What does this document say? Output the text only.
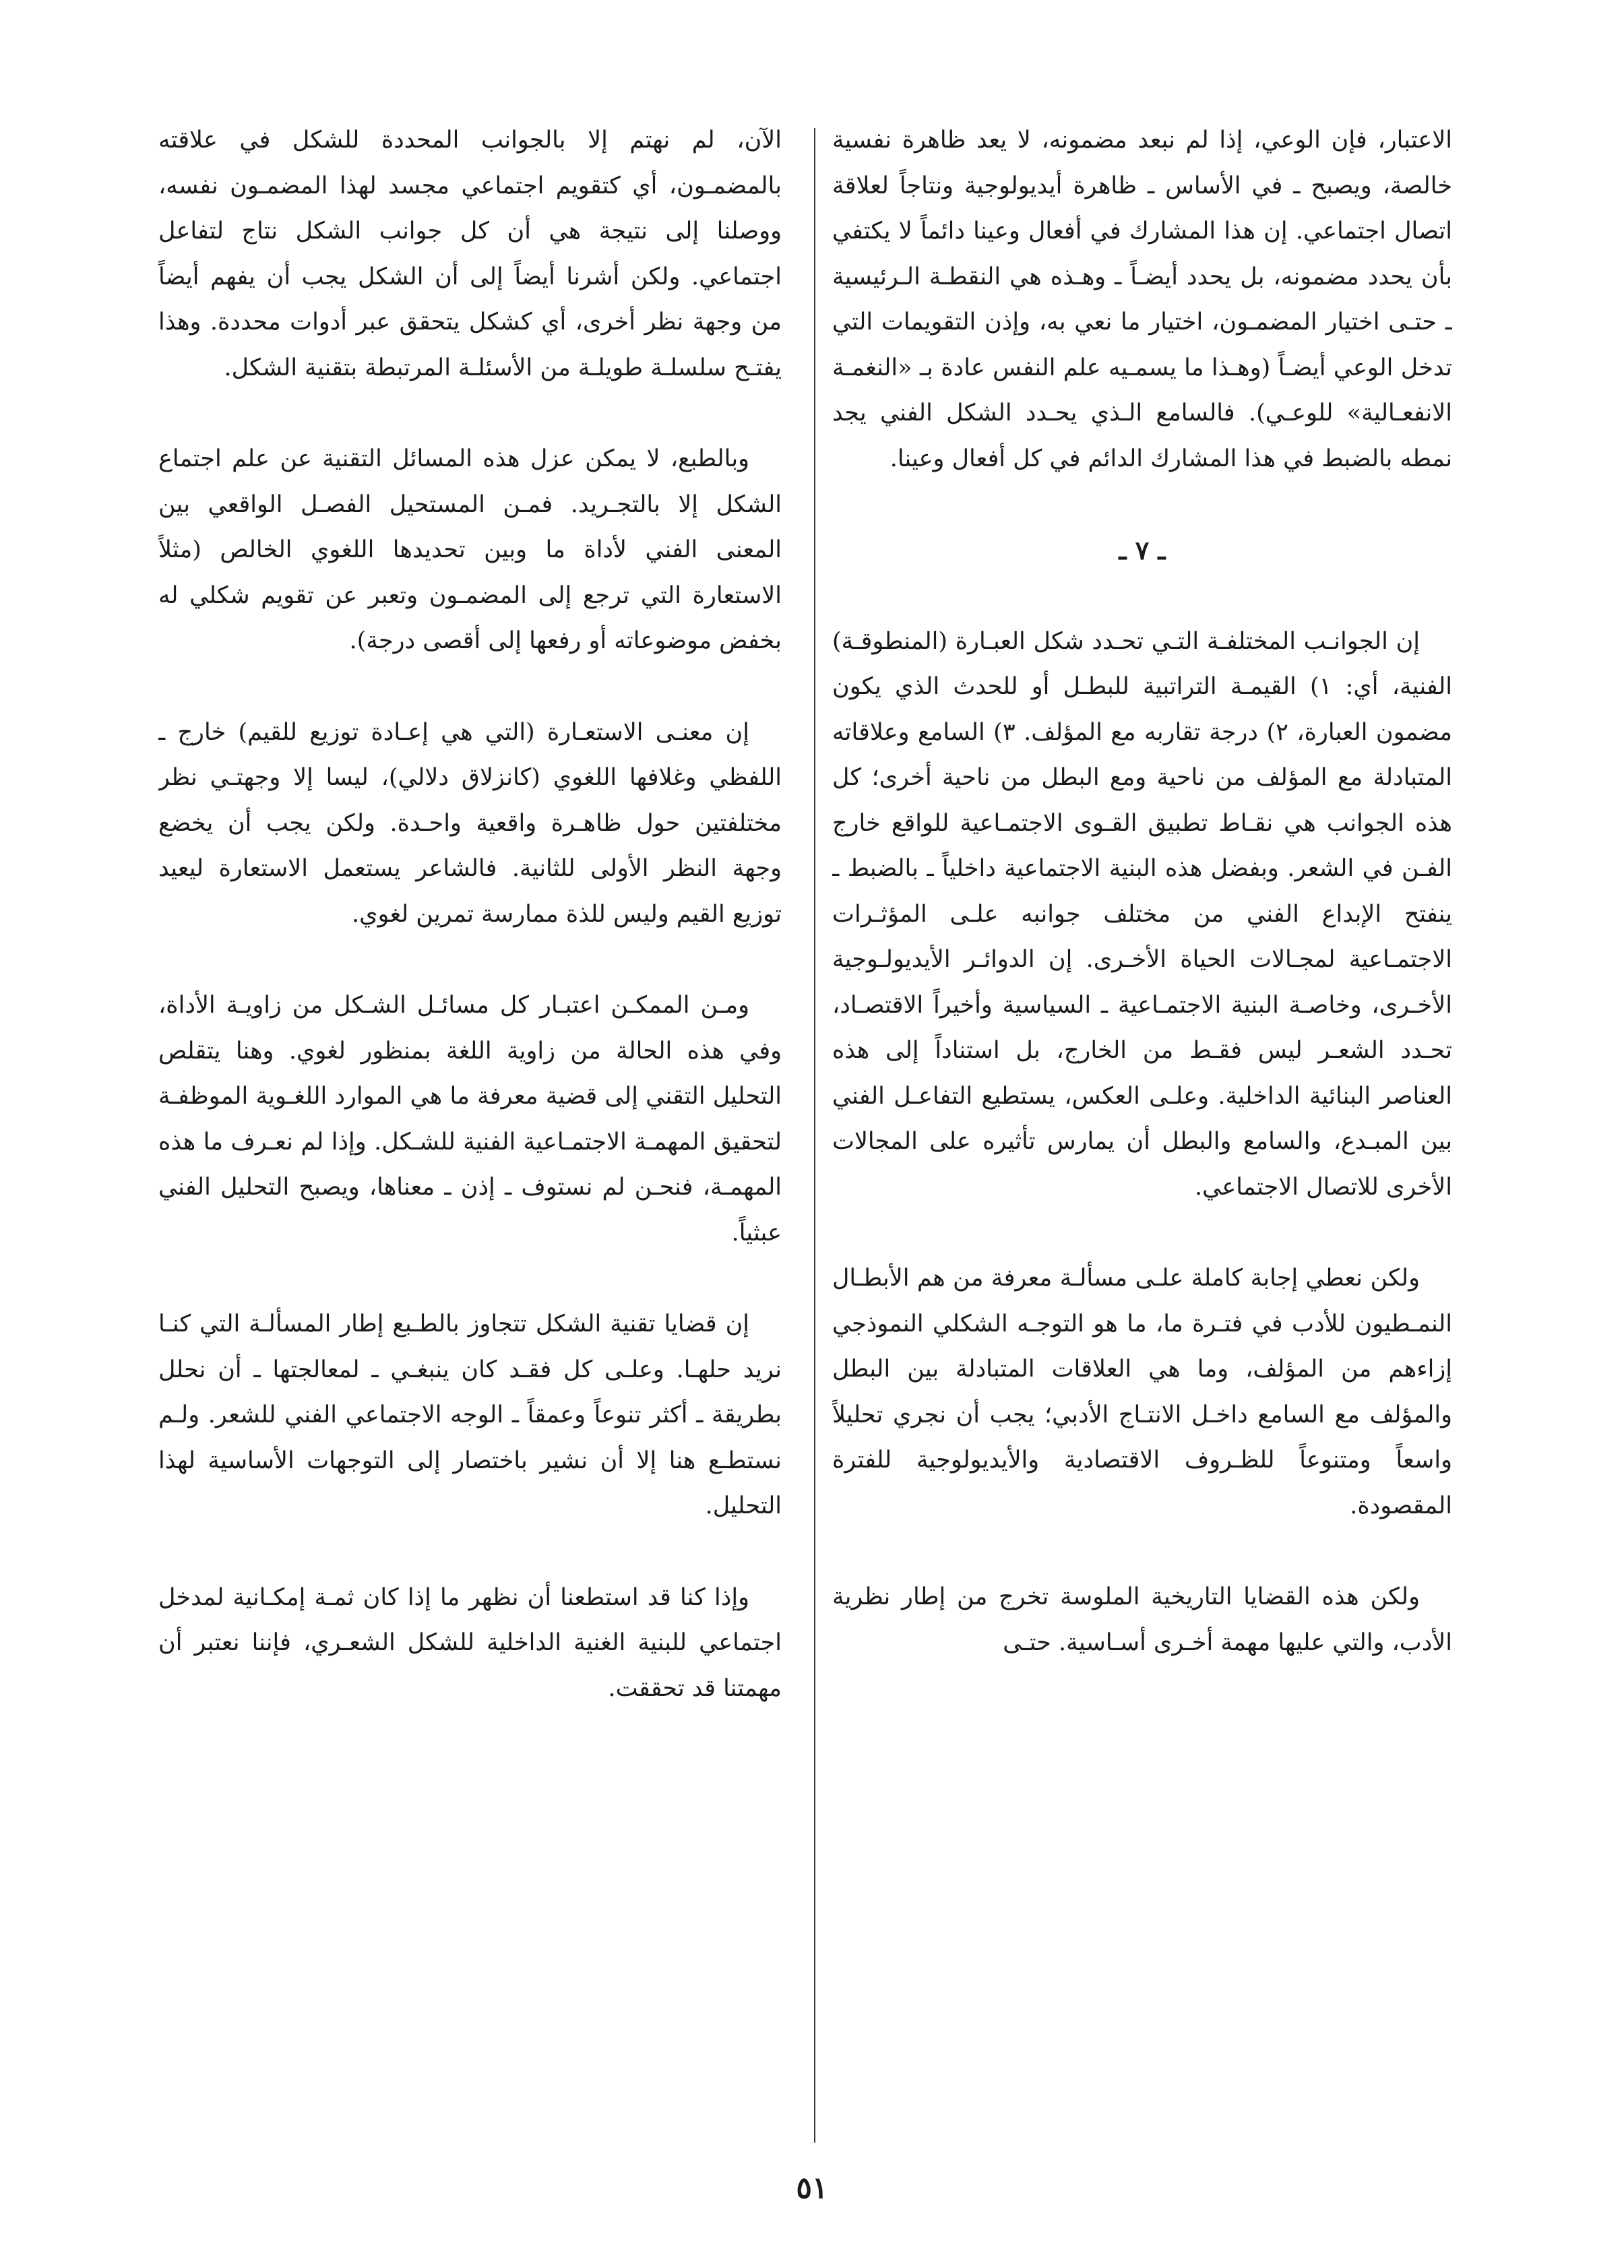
الاعتبار، فإن الوعي، إذا لم نبعد مضمونه، لا يعد ظاهرة نفسية خالصة، ويصبح ـ في الأساس ـ ظاهرة أيديولوجية ونتاجاً لعلاقة اتصال اجتماعي. إن هذا المشارك في أفعال وعينا دائماً لا يكتفي بأن يحدد مضمونه، بل يحدد أيضـاً ـ وهـذه هي النقطـة الـرئيسية ـ حتـى اختيار المضمـون، اختيار ما نعي به، وإذن التقويمات التي تدخل الوعي أيضـاً (وهـذا ما يسمـيه علم النفس عادة بـ «النغمـة الانفعـالية» للوعـي). فالسامع الـذي يحـدد الشكل الفني يجد نمطه بالضبط في هذا المشارك الدائم في كل أفعال وعينا.

ـ ٧ ـ

إن الجوانـب المختلفـة التـي تحـدد شكل العبـارة (المنطوقـة) الفنية، أي: ١) القيمـة التراتبية للبطـل أو للحدث الذي يكون مضمون العبارة، ٢) درجة تقاربه مع المؤلف. ٣) السامع وعلاقاته المتبادلة مع المؤلف من ناحية ومع البطل من ناحية أخرى؛ كل هذه الجوانب هي نقـاط تطبيق القـوى الاجتمـاعية للواقع خارج الفـن في الشعر. وبفضل هذه البنية الاجتماعية داخلياً ـ بالضبط ـ ينفتح الإبداع الفني من مختلف جوانبه علـى المؤثـرات الاجتمـاعية لمجـالات الحياة الأخـرى. إن الدوائـر الأيديولـوجية الأخـرى، وخاصـة البنية الاجتمـاعية ـ السياسية وأخيراً الاقتصـاد، تحـدد الشعـر ليس فقـط من الخارج، بل استناداً إلى هذه العناصر البنائية الداخلية. وعلـى العكس، يستطيع التفاعـل الفني بين المبـدع، والسامع والبطل أن يمارس تأثيره على المجالات الأخرى للاتصال الاجتماعي.

ولكن نعطي إجابة كاملة علـى مسألـة معرفة من هم الأبطـال النمـطيون للأدب في فتـرة ما، ما هو التوجـه الشكلي النموذجي إزاءهم من المؤلف، وما هي العلاقات المتبادلة بين البطل والمؤلف مع السامع داخـل الانتـاج الأدبي؛ يجب أن نجري تحليلاً واسعاً ومتنوعاً للظـروف الاقتصادية والأيديولوجية للفترة المقصودة.

ولكن هذه القضايا التاريخية الملوسة تخرج من إطار نظرية الأدب، والتي عليها مهمة أخـرى أسـاسية. حتـى

الآن، لم نهتم إلا بالجوانب المحددة للشكل في علاقته بالمضمـون، أي كتقويم اجتماعي مجسد لهذا المضمـون نفسه، ووصلنا إلى نتيجة هي أن كل جوانب الشكل نتاج لتفاعل اجتماعي. ولكن أشرنا أيضاً إلى أن الشكل يجب أن يفهم أيضاً من وجهة نظر أخرى، أي كشكل يتحقق عبر أدوات محددة. وهذا يفتـح سلسلـة طويلـة من الأسئلـة المرتبطة بتقنية الشكل.

وبالطبع، لا يمكن عزل هذه المسائل التقنية عن علم اجتماع الشكل إلا بالتجـريد. فمـن المستحيل الفصـل الواقعي بين المعنى الفني لأداة ما وبين تحديدها اللغوي الخالص (مثلاً الاستعارة التي ترجع إلى المضمـون وتعبر عن تقويم شكلي له بخفض موضوعاته أو رفعها إلى أقصى درجة).

إن معنـى الاستعـارة (التي هي إعـادة توزيع للقيم) خارج ـ اللفظي وغلافها اللغوي (كانزلاق دلالي)، ليسا إلا وجهتـي نظر مختلفتين حول ظاهـرة واقعية واحـدة. ولكن يجب أن يخضع وجهة النظر الأولى للثانية. فالشاعر يستعمل الاستعارة ليعيد توزيع القيم وليس للذة ممارسة تمرين لغوي.

ومـن الممكـن اعتبـار كل مسائـل الشـكل من زاويـة الأداة، وفي هذه الحالة من زاوية اللغة بمنظور لغوي. وهنا يتقلص التحليل التقني إلى قضية معرفة ما هي الموارد اللغـوية الموظفـة لتحقيق المهمـة الاجتمـاعية الفنية للشـكل. وإذا لم نعـرف ما هذه المهمـة، فنحـن لم نستوف ـ إذن ـ معناها، ويصبح التحليل الفني عبثياً.

إن قضايا تقنية الشكل تتجاوز بالطـبع إطار المسألـة التي كنـا نريد حلهـا. وعلـى كل فقـد كان ينبغـي ـ لمعالجتها ـ أن نحلل بطريقة ـ أكثر تنوعاً وعمقاً ـ الوجه الاجتماعي الفني للشعر. ولـم نستطـع هنا إلا أن نشير باختصار إلى التوجهات الأساسية لهذا التحليل.

وإذا كنا قد استطعنا أن نظهر ما إذا كان ثمـة إمكـانية لمدخل اجتماعي للبنية الغنية الداخلية للشكل الشعـري، فإننا نعتبر أن مهمتنا قد تحققت.

٥١
